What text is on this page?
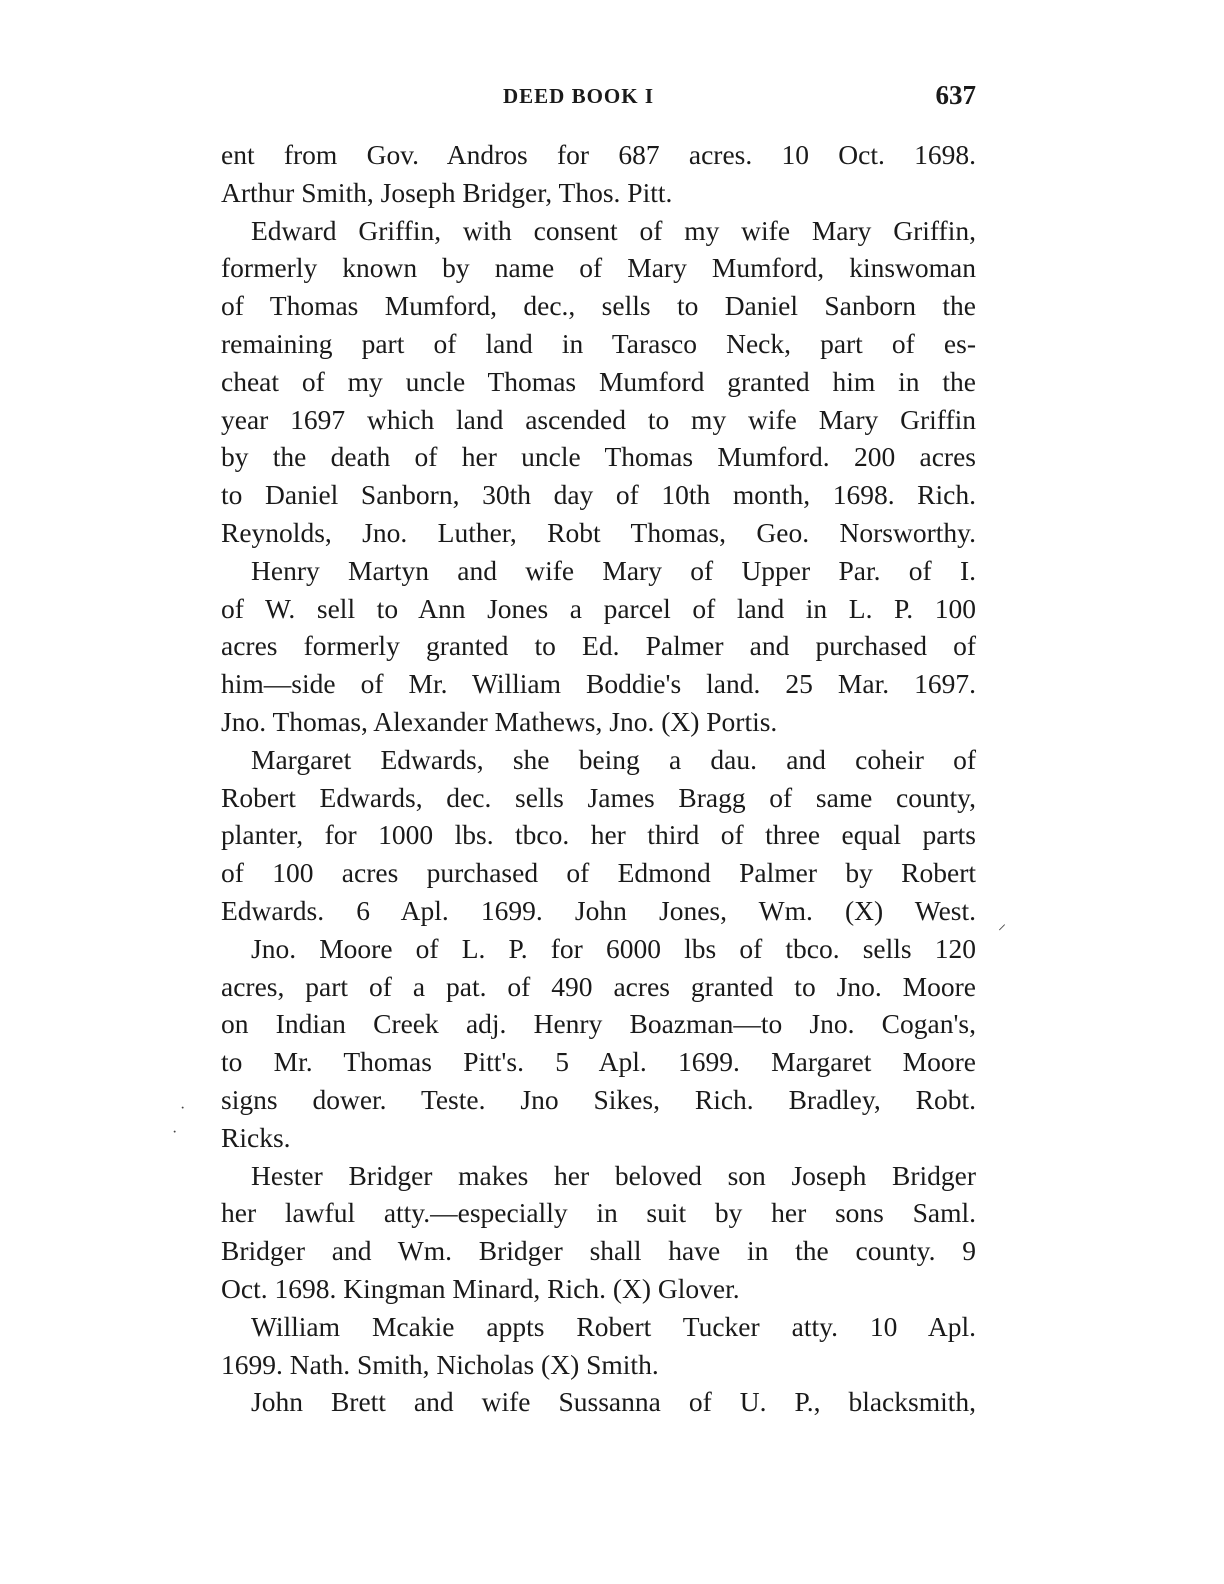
DEED BOOK I	637
ent from Gov. Andros for 687 acres. 10 Oct. 1698.
Arthur Smith, Joseph Bridger, Thos. Pitt.
Edward Griffin, with consent of my wife Mary Griffin,
formerly known by name of Mary Mumford, kinswoman
of Thomas Mumford, dec., sells to Daniel Sanborn the
remaining part of land in Tarasco Neck, part of es-
cheat of my uncle Thomas Mumford granted him in the
year 1697 which land ascended to my wife Mary Griffin
by the death of her uncle Thomas Mumford. 200 acres
to Daniel Sanborn, 30th day of 10th month, 1698. Rich.
Reynolds, Jno. Luther, Robt Thomas, Geo. Norsworthy.
Henry Martyn and wife Mary of Upper Par. of I.
of W. sell to Ann Jones a parcel of land in L. P. 100
acres formerly granted to Ed. Palmer and purchased of
him—side of Mr. William Boddie's land. 25 Mar. 1697.
Jno. Thomas, Alexander Mathews, Jno. (X) Portis.
Margaret Edwards, she being a dau. and coheir of
Robert Edwards, dec. sells James Bragg of same county,
planter, for 1000 lbs. tbco. her third of three equal parts
of 100 acres purchased of Edmond Palmer by Robert
Edwards. 6 Apl. 1699. John Jones, Wm. (X) West.
Jno. Moore of L. P. for 6000 lbs of tbco. sells 120
acres, part of a pat. of 490 acres granted to Jno. Moore
on Indian Creek adj. Henry Boazman—to Jno. Cogan's,
to Mr. Thomas Pitt's. 5 Apl. 1699. Margaret Moore
signs dower. Teste. Jno Sikes, Rich. Bradley, Robt.
Ricks.
Hester Bridger makes her beloved son Joseph Bridger
her lawful atty.—especially in suit by her sons Saml.
Bridger and Wm. Bridger shall have in the county. 9
Oct. 1698. Kingman Minard, Rich. (X) Glover.
William Mcakie appts Robert Tucker atty. 10 Apl.
1699. Nath. Smith, Nicholas (X) Smith.
John Brett and wife Sussanna of U. P., blacksmith,
⸝
·
·
